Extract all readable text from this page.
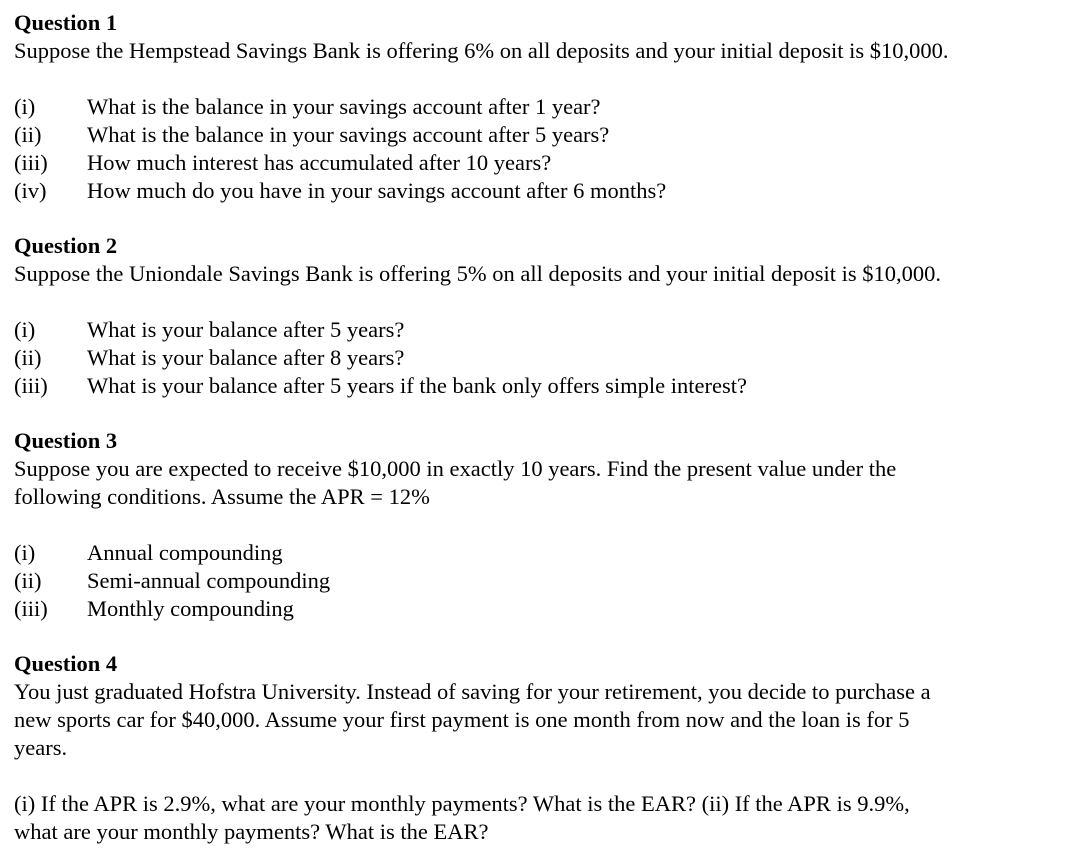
Question 1
Suppose the Hempstead Savings Bank is offering 6% on all deposits and your initial deposit is $10,000.
(i)	What is the balance in your savings account after 1 year?
(ii)	What is the balance in your savings account after 5 years?
(iii)	How much interest has accumulated after 10 years?
(iv)	How much do you have in your savings account after 6 months?
Question 2
Suppose the Uniondale Savings Bank is offering 5% on all deposits and your initial deposit is $10,000.
(i)	What is your balance after 5 years?
(ii)	What is your balance after 8 years?
(iii)	What is your balance after 5 years if the bank only offers simple interest?
Question 3
Suppose you are expected to receive $10,000 in exactly 10 years. Find the present value under the
following conditions. Assume the APR = 12%
(i)	Annual compounding
(ii)	Semi-annual compounding
(iii)	Monthly compounding
Question 4
You just graduated Hofstra University. Instead of saving for your retirement, you decide to purchase a
new sports car for $40,000. Assume your first payment is one month from now and the loan is for 5
years.
(i) If the APR is 2.9%, what are your monthly payments? What is the EAR? (ii) If the APR is 9.9%,
what are your monthly payments? What is the EAR?
